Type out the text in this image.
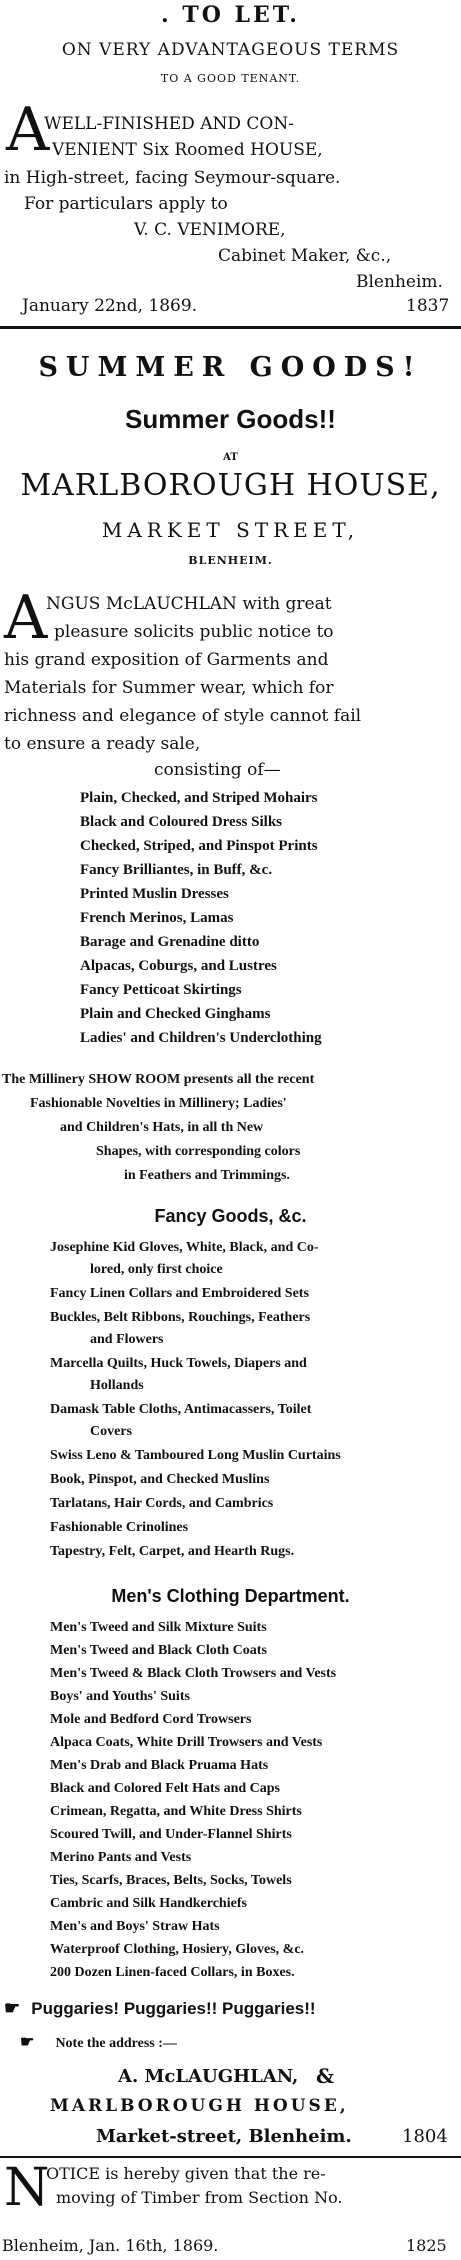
. TO LET.
ON VERY ADVANTAGEOUS TERMS
TO A GOOD TENANT.
A
WELL-FINISHED AND CON-
VENIENT Six Roomed HOUSE,
in High-street, facing Seymour-square.
For particulars apply to
V. C. VENIMORE,
Cabinet Maker, &c.,
Blenheim.
January 22nd, 1869.	1837
SUMMER GOODS!
Summer Goods!!
AT
MARLBOROUGH HOUSE,
MARKET STREET,
BLENHEIM.
A
NGUS McLAUCHLAN with great
pleasure solicits public notice to
his grand exposition of Garments and
Materials for Summer wear, which for
richness and elegance of style cannot fail
to ensure a ready sale,
consisting of—
Plain, Checked, and Striped Mohairs
Black and Coloured Dress Silks
Checked, Striped, and Pinspot Prints
Fancy Brilliantes, in Buff, &c.
Printed Muslin Dresses
French Merinos, Lamas
Barage and Grenadine ditto
Alpacas, Coburgs, and Lustres
Fancy Petticoat Skirtings
Plain and Checked Ginghams
Ladies' and Children's Underclothing
The Millinery SHOW ROOM presents all the recent
Fashionable Novelties in Millinery; Ladies'
and Children's Hats, in all th New
Shapes, with corresponding colors
in Feathers and Trimmings.
Fancy Goods, &c.
Josephine Kid Gloves, White, Black, and Co-
lored, only first choice
Fancy Linen Collars and Embroidered Sets
Buckles, Belt Ribbons, Rouchings, Feathers
and Flowers
Marcella Quilts, Huck Towels, Diapers and
Hollands
Damask Table Cloths, Antimacassers, Toilet
Covers
Swiss Leno & Tamboured Long Muslin Curtains
Book, Pinspot, and Checked Muslins
Tarlatans, Hair Cords, and Cambrics
Fashionable Crinolines
Tapestry, Felt, Carpet, and Hearth Rugs.
Men's Clothing Department.
Men's Tweed and Silk Mixture Suits
Men's Tweed and Black Cloth Coats
Men's Tweed & Black Cloth Trowsers and Vests
Boys' and Youths' Suits
Mole and Bedford Cord Trowsers
Alpaca Coats, White Drill Trowsers and Vests
Men's Drab and Black Pruama Hats
Black and Colored Felt Hats and Caps
Crimean, Regatta, and White Dress Shirts
Scoured Twill, and Under-Flannel Shirts
Merino Pants and Vests
Ties, Scarfs, Braces, Belts, Socks, Towels
Cambric and Silk Handkerchiefs
Men's and Boys' Straw Hats
Waterproof Clothing, Hosiery, Gloves, &c.
200 Dozen Linen-faced Collars, in Boxes.
☛ Puggaries! Puggaries!! Puggaries!!
☛ Note the address :—
A. McLAUGHLAN, &
MARLBOROUGH HOUSE,
Market-street, Blenheim.	1804
N
OTICE is hereby given that the re-
moving of Timber from Section No.
Blenheim, Jan. 16th, 1869.	1825
